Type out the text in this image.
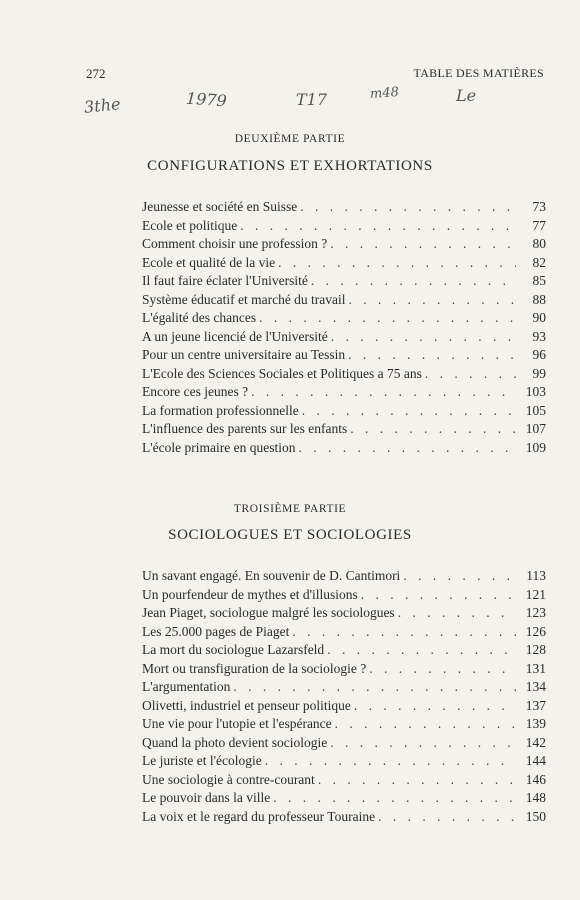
272	TABLE DES MATIÈRES
3the	1979	T17	m48	Le
DEUXIÈME PARTIE
CONFIGURATIONS ET EXHORTATIONS
Jeunesse et société en Suisse . . .	73
Ecole et politique . . .	77
Comment choisir une profession ? . . .	80
Ecole et qualité de la vie . . .	82
Il faut faire éclater l'Université . . .	85
Système éducatif et marché du travail . . .	88
L'égalité des chances . . .	90
A un jeune licencié de l'Université . . .	93
Pour un centre universitaire au Tessin . . .	96
L'Ecole des Sciences Sociales et Politiques a 75 ans . . .	99
Encore ces jeunes ? . . .	103
La formation professionnelle . . .	105
L'influence des parents sur les enfants . . .	107
L'école primaire en question . . .	109
TROISIÈME PARTIE
SOCIOLOGUES ET SOCIOLOGIES
Un savant engagé. En souvenir de D. Cantimori . . .	113
Un pourfendeur de mythes et d'illusions . . .	121
Jean Piaget, sociologue malgré les sociologues . . .	123
Les 25.000 pages de Piaget . . .	126
La mort du sociologue Lazarsfeld . . .	128
Mort ou transfiguration de la sociologie ? . . .	131
L'argumentation . . .	134
Olivetti, industriel et penseur politique . . .	137
Une vie pour l'utopie et l'espérance . . .	139
Quand la photo devient sociologie . . .	142
Le juriste et l'écologie . . .	144
Une sociologie à contre-courant . . .	146
Le pouvoir dans la ville . . .	148
La voix et le regard du professeur Touraine . . .	150
